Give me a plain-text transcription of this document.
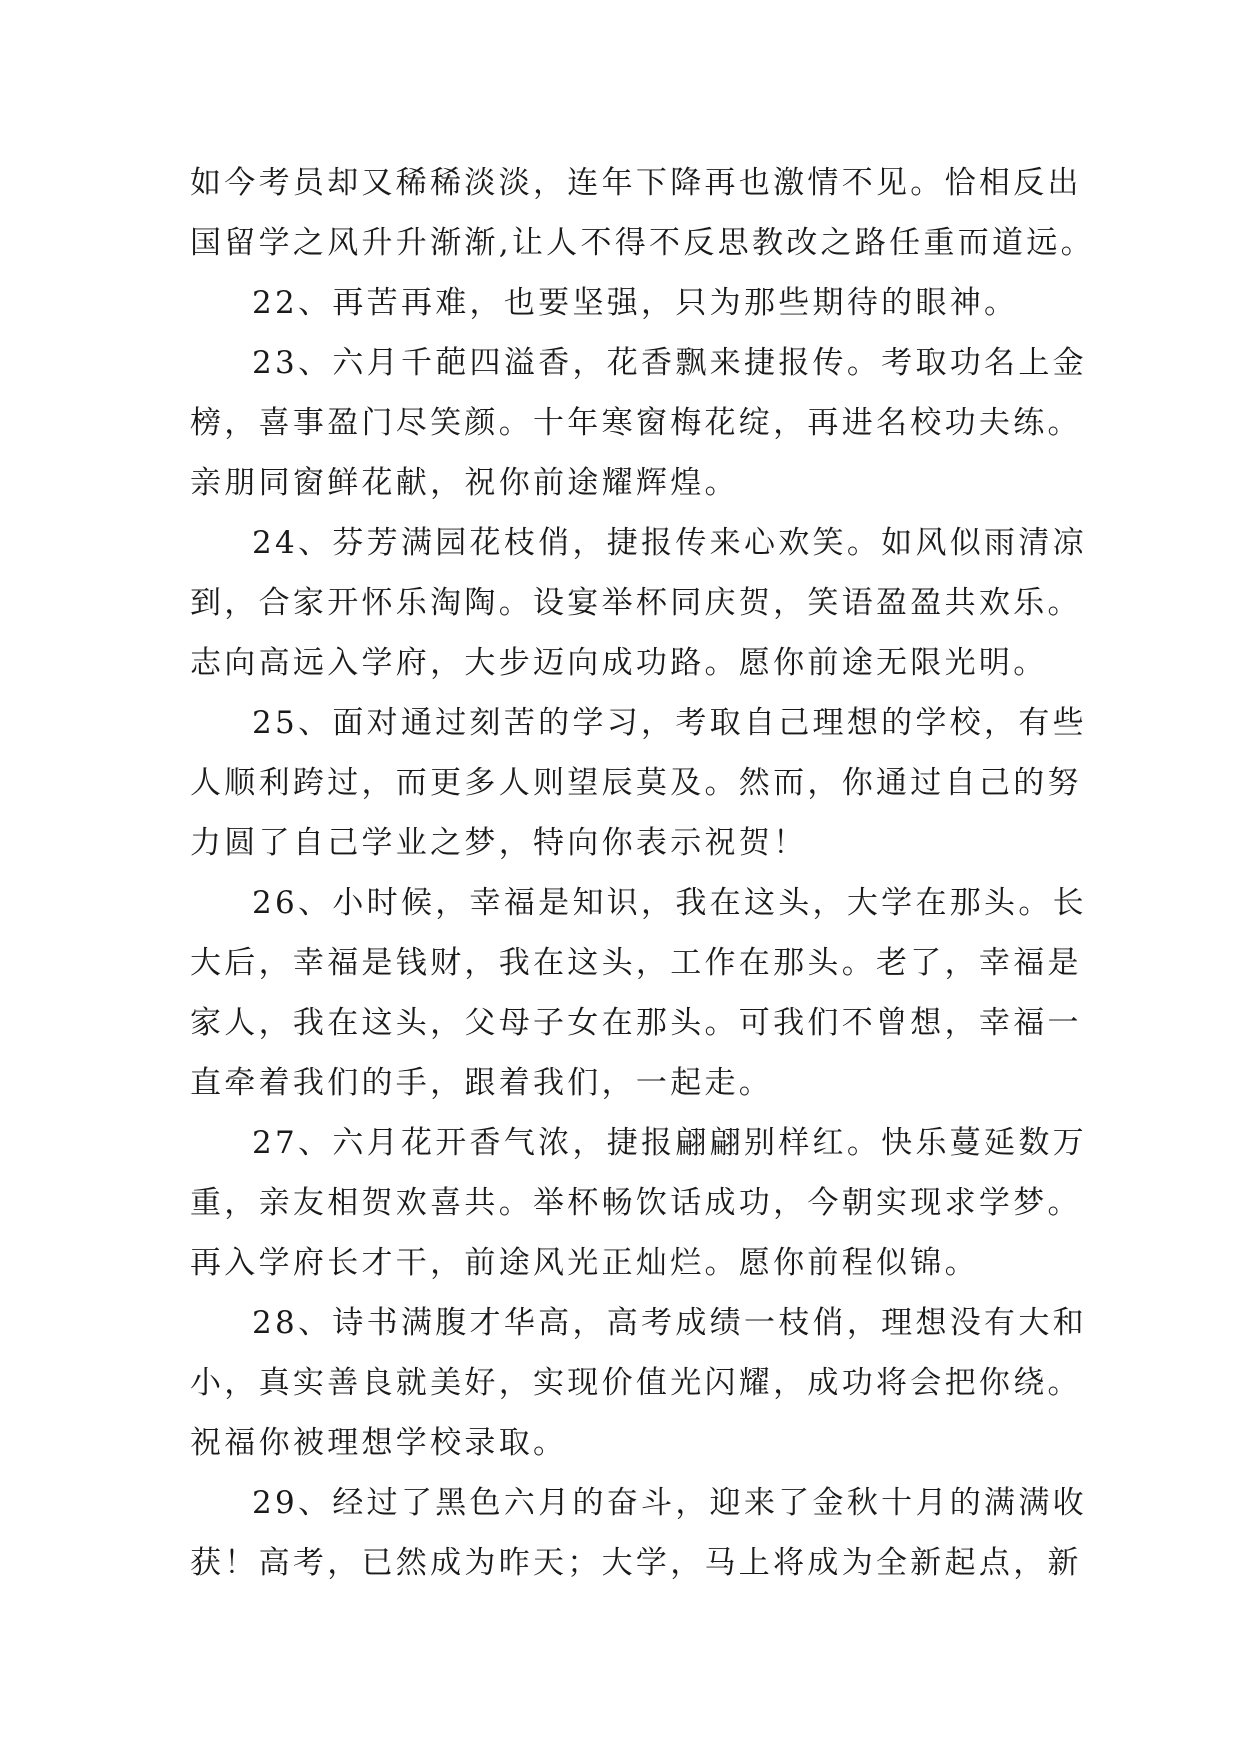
如今考员却又稀稀淡淡，连年下降再也激情不见。恰相反出
国留学之风升升渐渐,让人不得不反思教改之路任重而道远。
22、再苦再难，也要坚强，只为那些期待的眼神。
23、六月千葩四溢香，花香飘来捷报传。考取功名上金
榜，喜事盈门尽笑颜。十年寒窗梅花绽，再进名校功夫练。
亲朋同窗鲜花献，祝你前途耀辉煌。
24、芬芳满园花枝俏，捷报传来心欢笑。如风似雨清凉
到，合家开怀乐淘陶。设宴举杯同庆贺，笑语盈盈共欢乐。
志向高远入学府，大步迈向成功路。愿你前途无限光明。
25、面对通过刻苦的学习，考取自己理想的学校，有些
人顺利跨过，而更多人则望辰莫及。然而，你通过自己的努
力圆了自己学业之梦，特向你表示祝贺！
26、小时候，幸福是知识，我在这头，大学在那头。长
大后，幸福是钱财，我在这头，工作在那头。老了，幸福是
家人，我在这头，父母子女在那头。可我们不曾想，幸福一
直牵着我们的手，跟着我们，一起走。
27、六月花开香气浓，捷报翩翩别样红。快乐蔓延数万
重，亲友相贺欢喜共。举杯畅饮话成功，今朝实现求学梦。
再入学府长才干，前途风光正灿烂。愿你前程似锦。
28、诗书满腹才华高，高考成绩一枝俏，理想没有大和
小，真实善良就美好，实现价值光闪耀，成功将会把你绕。
祝福你被理想学校录取。
29、经过了黑色六月的奋斗，迎来了金秋十月的满满收
获！高考，已然成为昨天；大学，马上将成为全新起点，新
